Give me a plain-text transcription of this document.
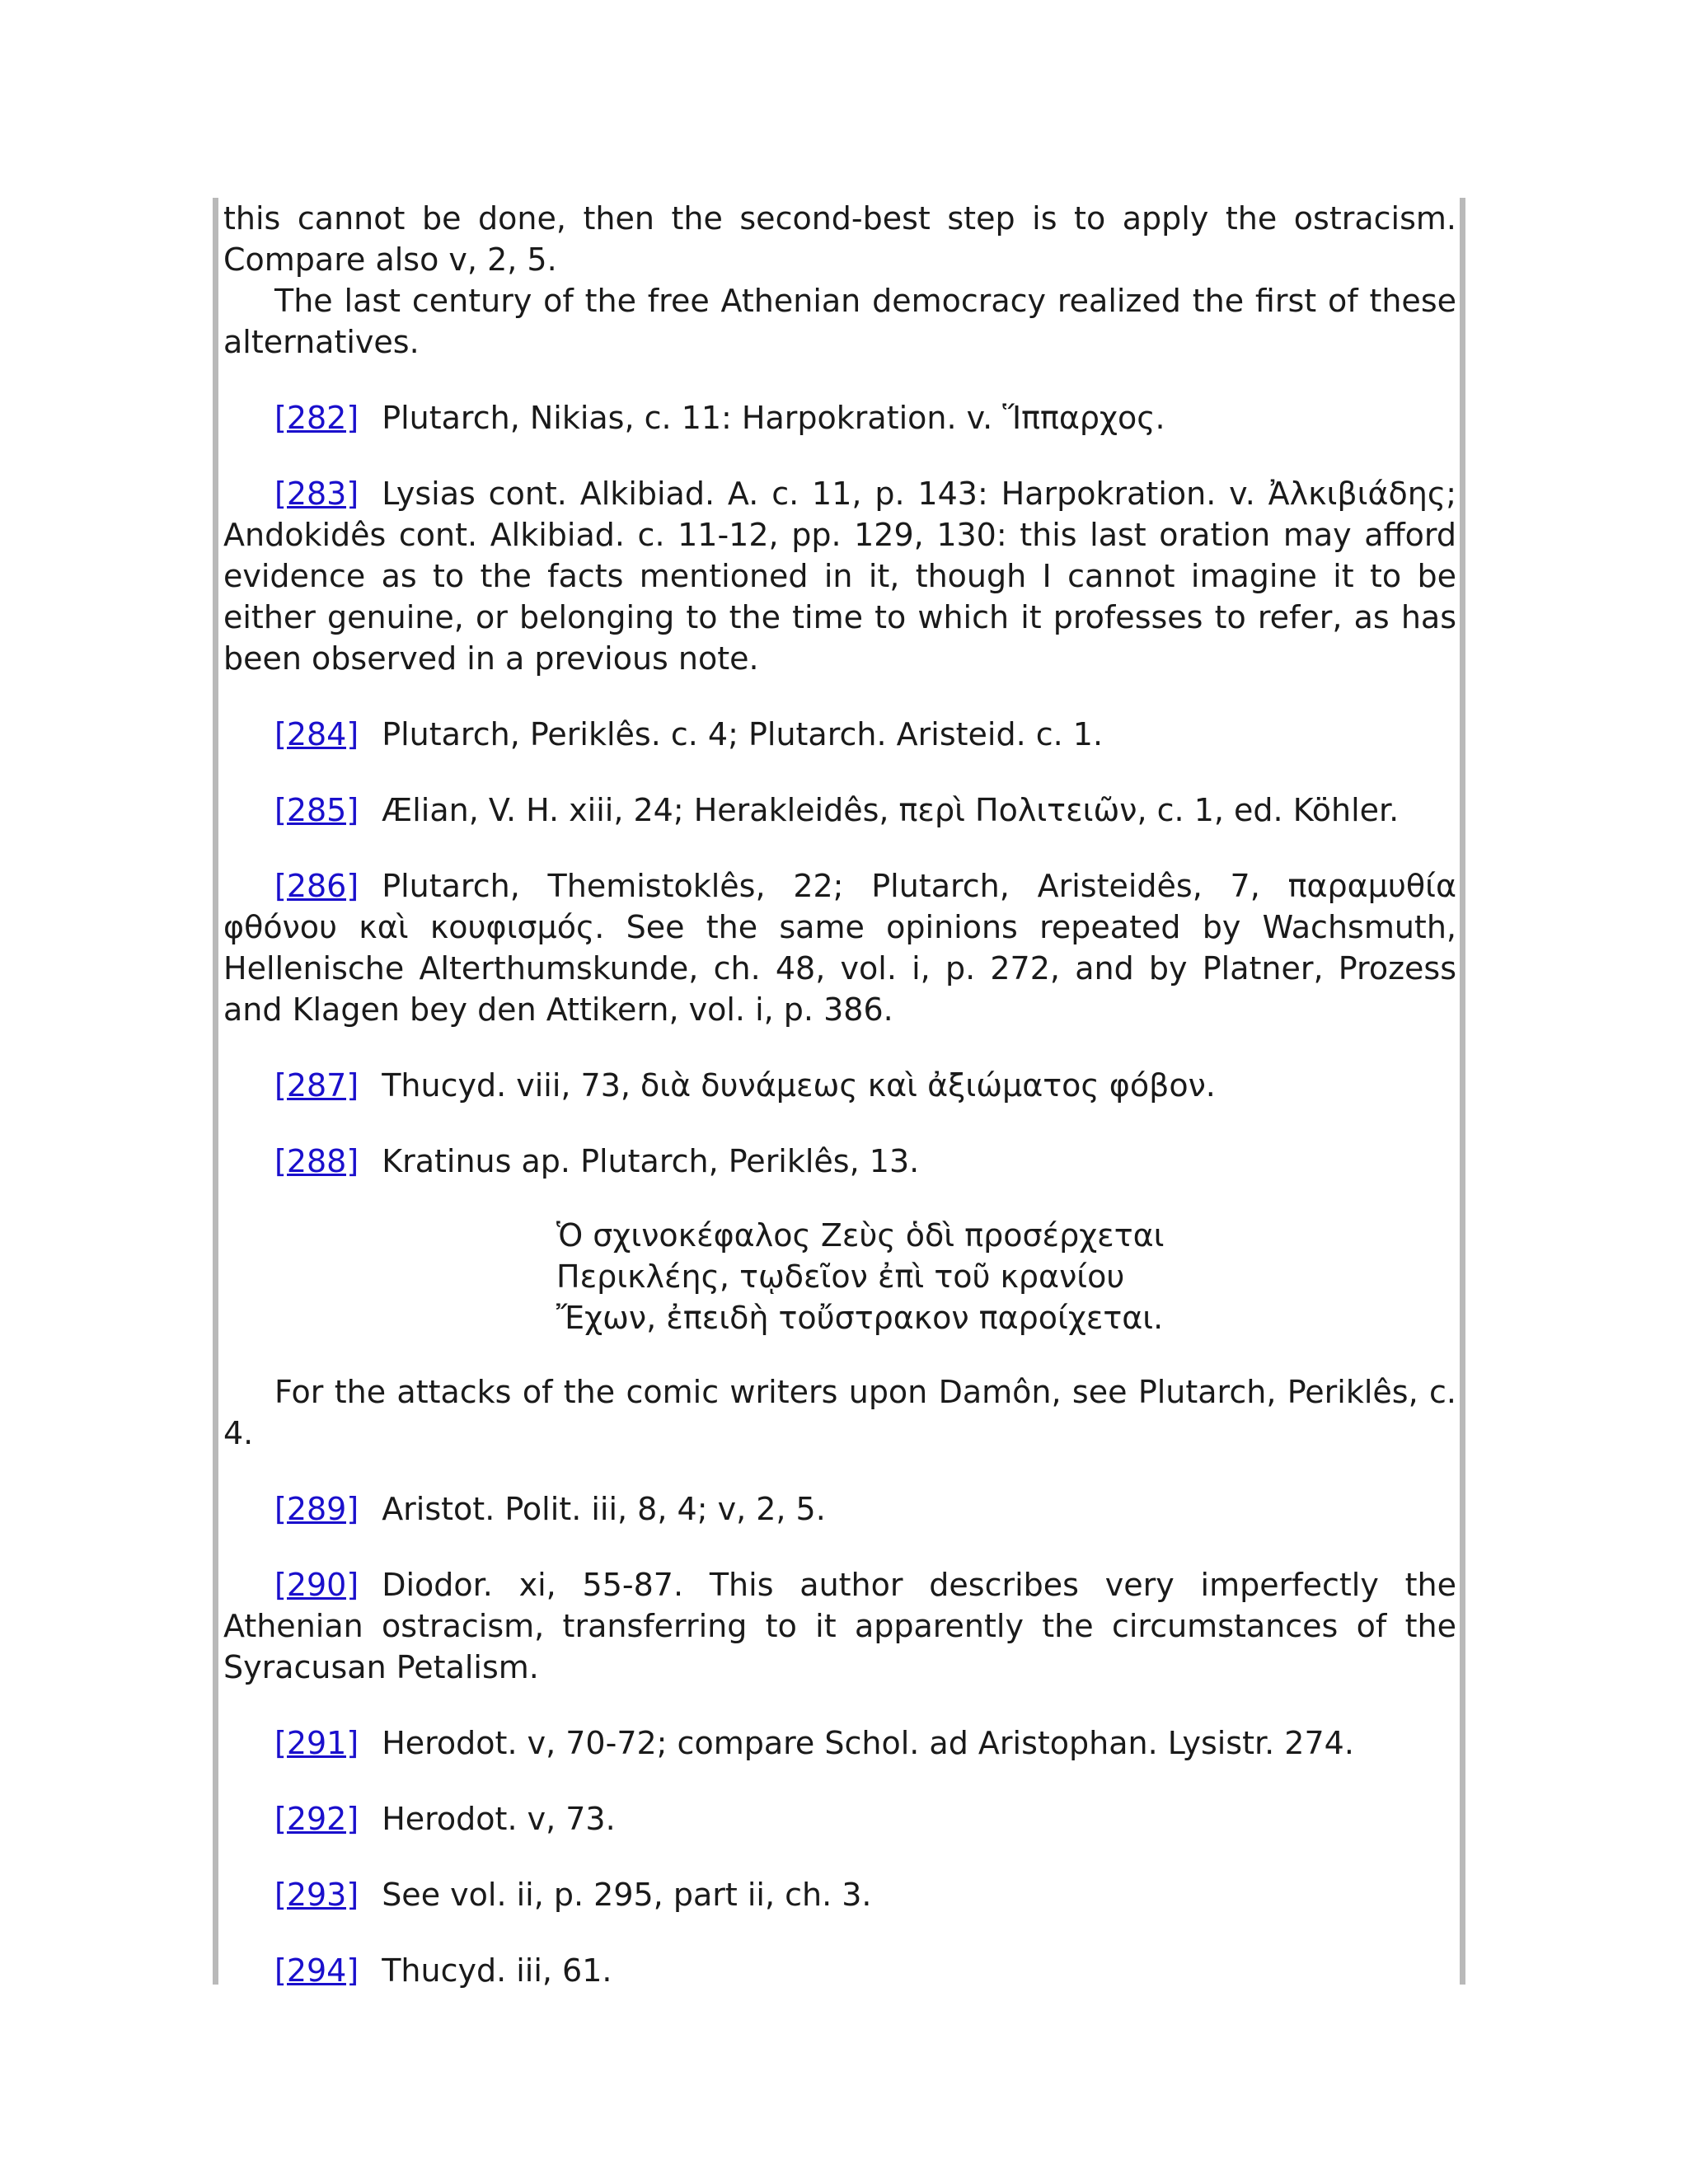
this cannot be done, then the second-best step is to apply the ostracism. Compare also v, 2, 5.

The last century of the free Athenian democracy realized the first of these alternatives.

[282] Plutarch, Nikias, c. 11: Harpokration. v. Ἵππαρχος.

[283] Lysias cont. Alkibiad. A. c. 11, p. 143: Harpokration. v. Ἀλκιβιάδης; Andokidês cont. Alkibiad. c. 11-12, pp. 129, 130: this last oration may afford evidence as to the facts mentioned in it, though I cannot imagine it to be either genuine, or belonging to the time to which it professes to refer, as has been observed in a previous note.

[284] Plutarch, Periklês. c. 4; Plutarch. Aristeid. c. 1.

[285] Ælian, V. H. xiii, 24; Herakleidês, περὶ Πολιτειῶν, c. 1, ed. Köhler.

[286] Plutarch, Themistoklês, 22; Plutarch, Aristeidês, 7, παραμυθία φθόνου καὶ κουφισμός. See the same opinions repeated by Wachsmuth, Hellenische Alterthumskunde, ch. 48, vol. i, p. 272, and by Platner, Prozess and Klagen bey den Attikern, vol. i, p. 386.

[287] Thucyd. viii, 73, διὰ δυνάμεως καὶ ἀξιώματος φόβον.

[288] Kratinus ap. Plutarch, Periklês, 13.

Ὁ σχινοκέφαλος Ζεὺς ὁδὶ προσέρχεται
Περικλέης, τῳδεῖον ἐπὶ τοῦ κρανίου
Ἔχων, ἐπειδὴ τοὔστρακον παροίχεται.

For the attacks of the comic writers upon Damôn, see Plutarch, Periklês, c. 4.

[289] Aristot. Polit. iii, 8, 4; v, 2, 5.

[290] Diodor. xi, 55-87. This author describes very imperfectly the Athenian ostracism, transferring to it apparently the circumstances of the Syracusan Petalism.

[291] Herodot. v, 70-72; compare Schol. ad Aristophan. Lysistr. 274.

[292] Herodot. v, 73.

[293] See vol. ii, p. 295, part ii, ch. 3.

[294] Thucyd. iii, 61.
